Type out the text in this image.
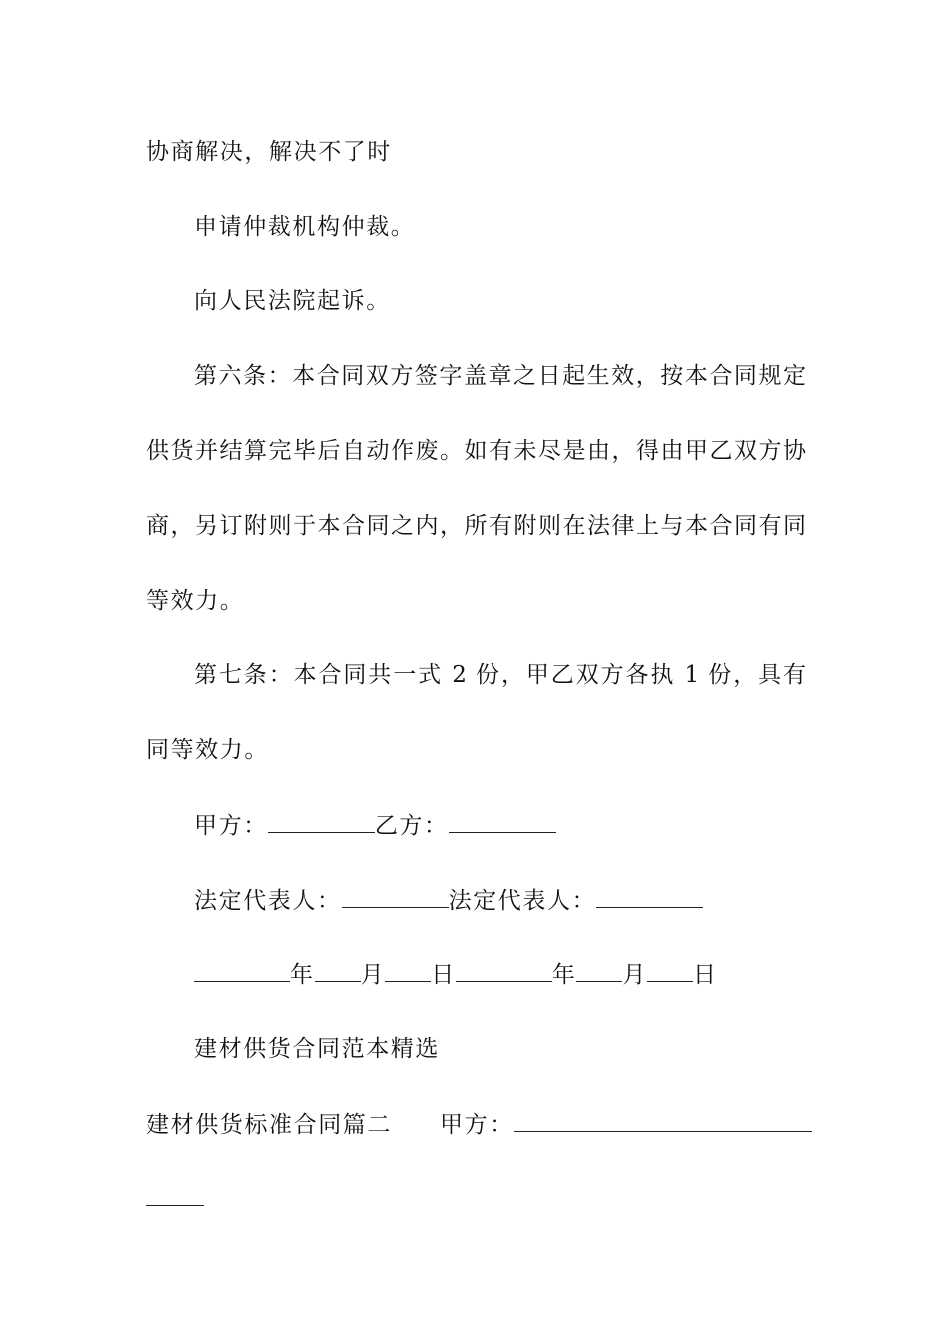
协商解决，解决不了时
申请仲裁机构仲裁。
向人民法院起诉。
第六条：本合同双方签字盖章之日起生效，按本合同规定
供货并结算完毕后自动作废。如有未尽是由，得由甲乙双方协
商，另订附则于本合同之内，所有附则在法律上与本合同有同
等效力。
第七条：本合同共一式 2 份，甲乙双方各执 1 份，具有
同等效力。
甲方：	乙方：
法定代表人：	法定代表人：
年 月 日	年 月 日
建材供货合同范本精选
建材供货标准合同篇二 甲方：
